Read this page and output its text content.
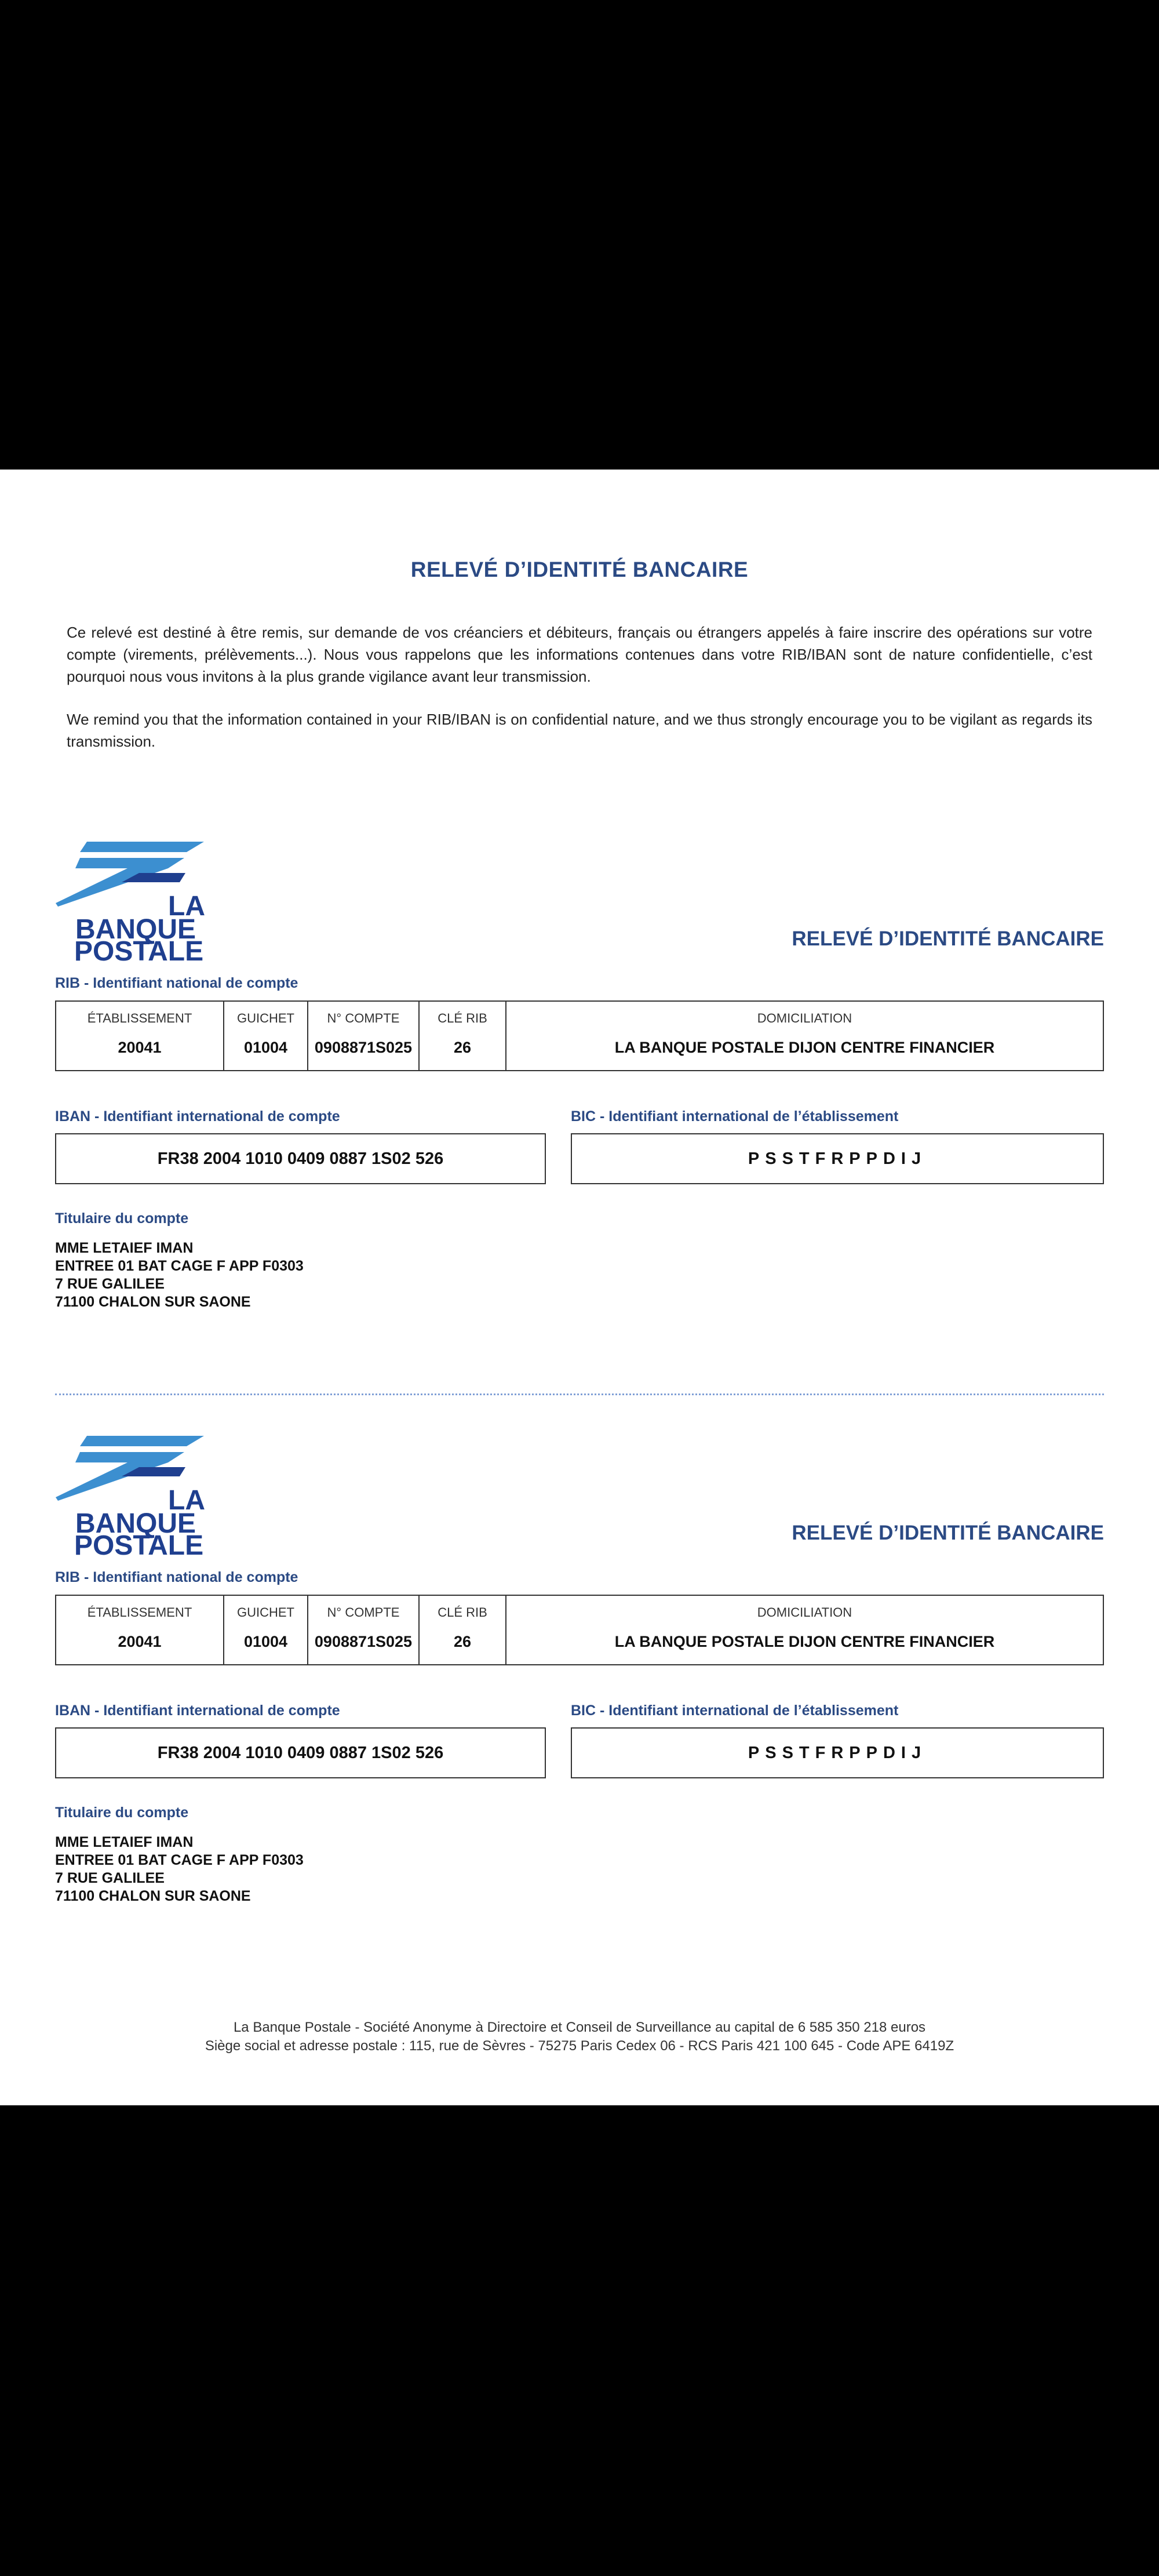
RELEVÉ D’IDENTITÉ BANCAIRE

Ce relevé est destiné à être remis, sur demande de vos créanciers et débiteurs, français ou étrangers appelés à faire inscrire des opérations sur votre compte (virements, prélèvements...). Nous vous rappelons que les informations contenues dans votre RIB/IBAN sont de nature confidentielle, c’est pourquoi nous vous invitons à la plus grande vigilance avant leur transmission.

We remind you that the information contained in your RIB/IBAN is on confidential nature, and we thus strongly encourage you to be vigilant as regards its transmission.

LA
BANQUE
POSTALE	RELEVÉ D’IDENTITÉ BANCAIRE
RIB - Identifiant national de compte
ÉTABLISSEMENT
20041
GUICHET
01004
N° COMPTE
0908871S025
CLÉ RIB
26
DOMICILIATION
LA BANQUE POSTALE DIJON CENTRE FINANCIER
IBAN - Identifiant international de compte
FR38 2004 1010 0409 0887 1S02 526
BIC - Identifiant international de l’établissement
PSSTFRPPDIJ
Titulaire du compte
MME LETAIEF IMAN
ENTREE 01 BAT CAGE F APP F0303
7 RUE GALILEE
71100 CHALON SUR SAONE
LA
BANQUE
POSTALE	RELEVÉ D’IDENTITÉ BANCAIRE
RIB - Identifiant national de compte
ÉTABLISSEMENT
20041
GUICHET
01004
N° COMPTE
0908871S025
CLÉ RIB
26
DOMICILIATION
LA BANQUE POSTALE DIJON CENTRE FINANCIER
IBAN - Identifiant international de compte
FR38 2004 1010 0409 0887 1S02 526
BIC - Identifiant international de l’établissement
PSSTFRPPDIJ
Titulaire du compte
MME LETAIEF IMAN
ENTREE 01 BAT CAGE F APP F0303
7 RUE GALILEE
71100 CHALON SUR SAONE
La Banque Postale - Société Anonyme à Directoire et Conseil de Surveillance au capital de 6 585 350 218 euros
Siège social et adresse postale : 115, rue de Sèvres - 75275 Paris Cedex 06 - RCS Paris 421 100 645 - Code APE 6419Z
